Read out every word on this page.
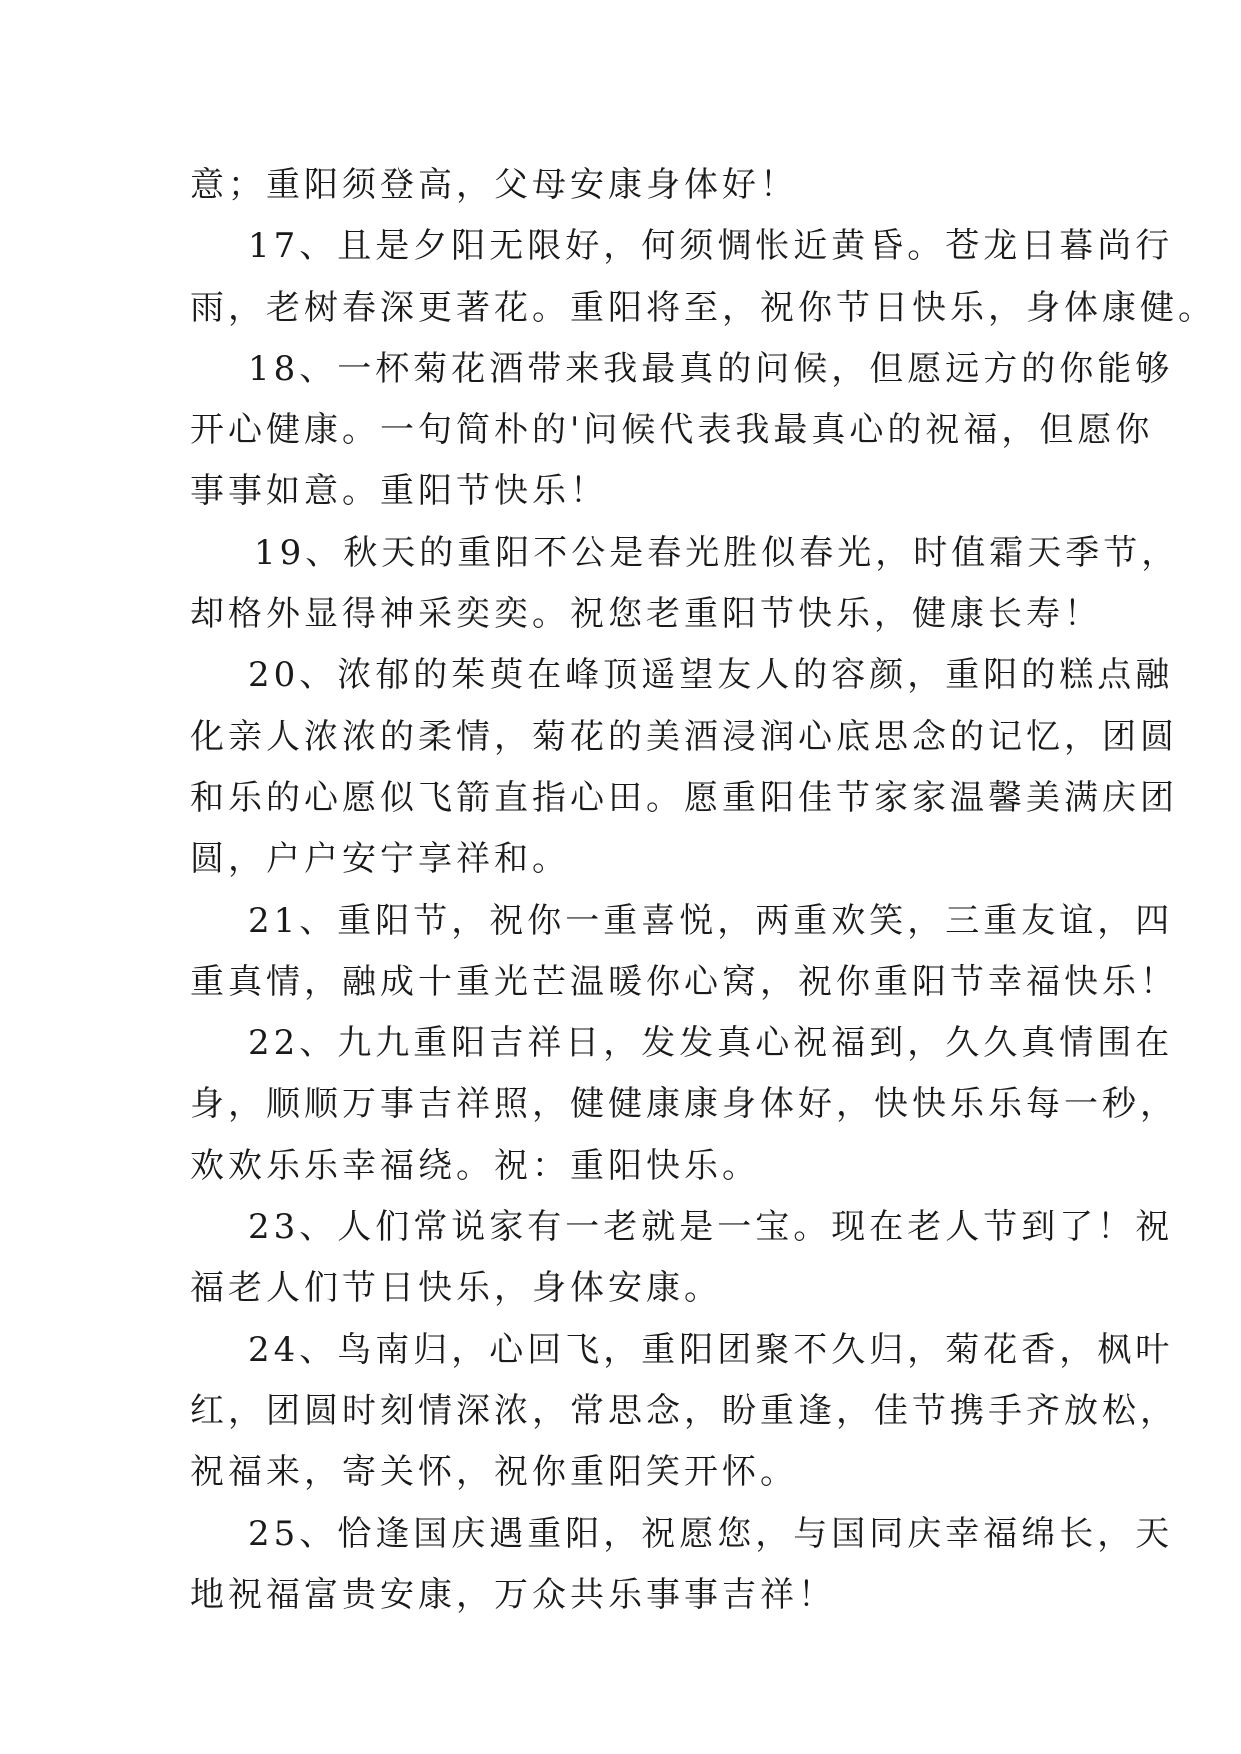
意；重阳须登高，父母安康身体好！
17、且是夕阳无限好，何须惆怅近黄昏。苍龙日暮尚行
雨，老树春深更著花。重阳将至，祝你节日快乐，身体康健。
18、一杯菊花酒带来我最真的问候，但愿远方的你能够
开心健康。一句简朴的'问候代表我最真心的祝福，但愿你
事事如意。重阳节快乐！
19、秋天的重阳不公是春光胜似春光，时值霜天季节，
却格外显得神采奕奕。祝您老重阳节快乐，健康长寿！
20、浓郁的茱萸在峰顶遥望友人的容颜，重阳的糕点融
化亲人浓浓的柔情，菊花的美酒浸润心底思念的记忆，团圆
和乐的心愿似飞箭直指心田。愿重阳佳节家家温馨美满庆团
圆，户户安宁享祥和。
21、重阳节，祝你一重喜悦，两重欢笑，三重友谊，四
重真情，融成十重光芒温暖你心窝，祝你重阳节幸福快乐！
22、九九重阳吉祥日，发发真心祝福到，久久真情围在
身，顺顺万事吉祥照，健健康康身体好，快快乐乐每一秒，
欢欢乐乐幸福绕。祝：重阳快乐。
23、人们常说家有一老就是一宝。现在老人节到了！祝
福老人们节日快乐，身体安康。
24、鸟南归，心回飞，重阳团聚不久归，菊花香，枫叶
红，团圆时刻情深浓，常思念，盼重逢，佳节携手齐放松，
祝福来，寄关怀，祝你重阳笑开怀。
25、恰逢国庆遇重阳，祝愿您，与国同庆幸福绵长，天
地祝福富贵安康，万众共乐事事吉祥！
